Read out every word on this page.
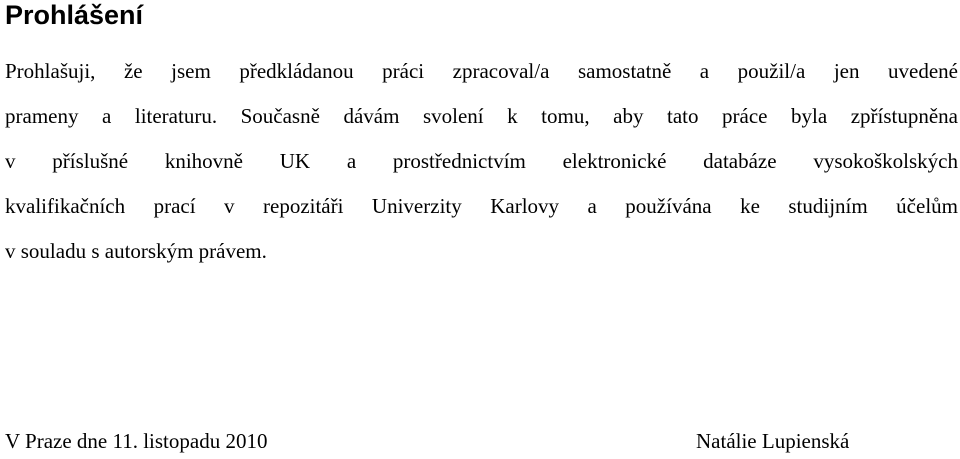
Prohlášení

Prohlašuji, že jsem předkládanou práci zpracoval/a samostatně a použil/a jen uvedené
prameny a literaturu. Současně dávám svolení k tomu, aby tato práce byla zpřístupněna
v příslušné knihovně UK a prostřednictvím elektronické databáze vysokoškolských
kvalifikačních prací v repozitáři Univerzity Karlovy a používána ke studijním účelům
v souladu s autorským právem.

V Praze dne 11. listopadu 2010	Natálie Lupienská
